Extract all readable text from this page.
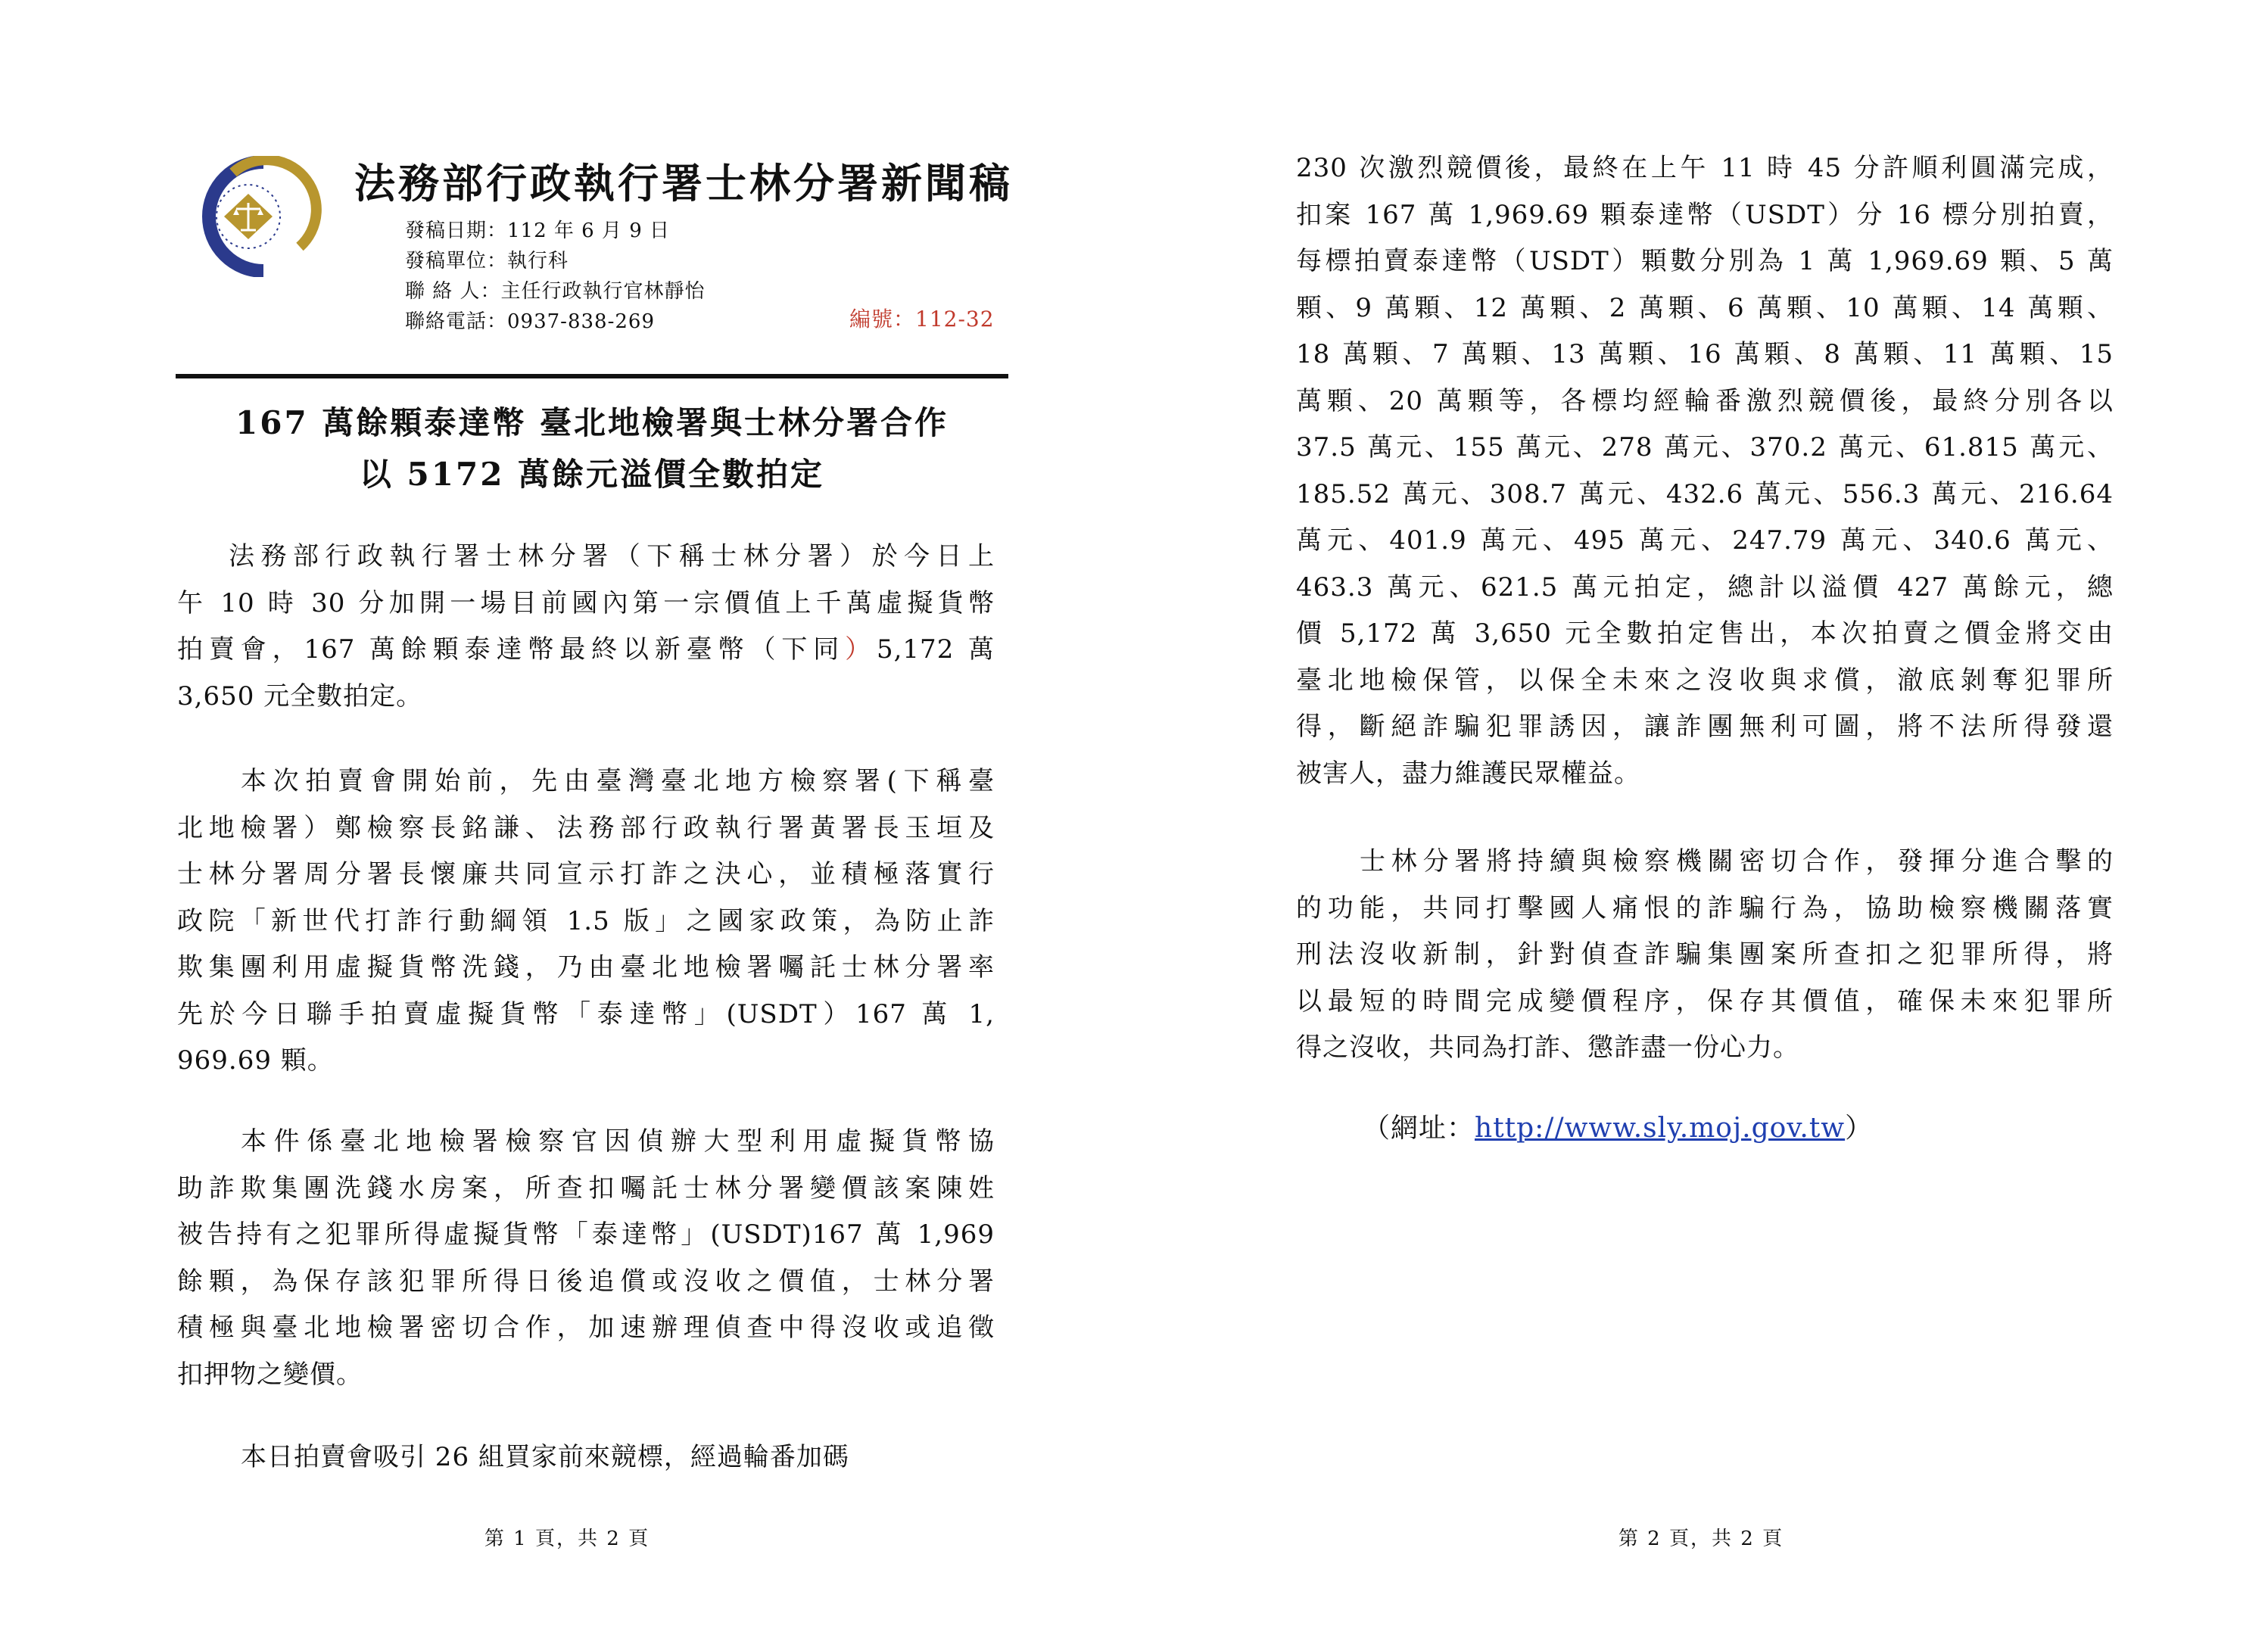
法務部行政執行署士林分署新聞稿
發稿日期：112 年 6 月 9 日
發稿單位：執行科
聯 絡 人：主任行政執行官林靜怡
聯絡電話：0937-838-269	編號：112-32
167 萬餘顆泰達幣 臺北地檢署與士林分署合作
以 5172 萬餘元溢價全數拍定
法務部行政執行署士林分署（下稱士林分署）於今日上
午 10 時 30 分加開一場目前國內第一宗價值上千萬虛擬貨幣
拍賣會，167 萬餘顆泰達幣最終以新臺幣（下同）5,172 萬
3,650 元全數拍定。
本次拍賣會開始前，先由臺灣臺北地方檢察署(下稱臺
北地檢署）鄭檢察長銘謙、法務部行政執行署黃署長玉垣及
士林分署周分署長懷廉共同宣示打詐之決心，並積極落實行
政院「新世代打詐行動綱領 1.5 版」之國家政策，為防止詐
欺集團利用虛擬貨幣洗錢，乃由臺北地檢署囑託士林分署率
先於今日聯手拍賣虛擬貨幣「泰達幣」(USDT）167 萬 1,
969.69 顆。
本件係臺北地檢署檢察官因偵辦大型利用虛擬貨幣協
助詐欺集團洗錢水房案，所查扣囑託士林分署變價該案陳姓
被告持有之犯罪所得虛擬貨幣「泰達幣」(USDT)167 萬 1,969
餘顆，為保存該犯罪所得日後追償或沒收之價值，士林分署
積極與臺北地檢署密切合作，加速辦理偵查中得沒收或追徵
扣押物之變價。
本日拍賣會吸引 26 組買家前來競標，經過輪番加碼
第 1 頁，共 2 頁
230 次激烈競價後，最終在上午 11 時 45 分許順利圓滿完成，
扣案 167 萬 1,969.69 顆泰達幣（USDT）分 16 標分別拍賣，
每標拍賣泰達幣（USDT）顆數分別為 1 萬 1,969.69 顆、5 萬
顆、9 萬顆、12 萬顆、2 萬顆、6 萬顆、10 萬顆、14 萬顆、
18 萬顆、7 萬顆、13 萬顆、16 萬顆、8 萬顆、11 萬顆、15
萬顆、20 萬顆等，各標均經輪番激烈競價後，最終分別各以
37.5 萬元、155 萬元、278 萬元、370.2 萬元、61.815 萬元、
185.52 萬元、308.7 萬元、432.6 萬元、556.3 萬元、216.64
萬元、401.9 萬元、495 萬元、247.79 萬元、340.6 萬元、
463.3 萬元、621.5 萬元拍定，總計以溢價 427 萬餘元，總
價 5,172 萬 3,650 元全數拍定售出，本次拍賣之價金將交由
臺北地檢保管，以保全未來之沒收與求償，澈底剝奪犯罪所
得，斷絕詐騙犯罪誘因，讓詐團無利可圖，將不法所得發還
被害人，盡力維護民眾權益。
士林分署將持續與檢察機關密切合作，發揮分進合擊的
的功能，共同打擊國人痛恨的詐騙行為，協助檢察機關落實
刑法沒收新制，針對偵查詐騙集團案所查扣之犯罪所得，將
以最短的時間完成變價程序，保存其價值，確保未來犯罪所
得之沒收，共同為打詐、懲詐盡一份心力。
（網址：http://www.sly.moj.gov.tw）
第 2 頁，共 2 頁
